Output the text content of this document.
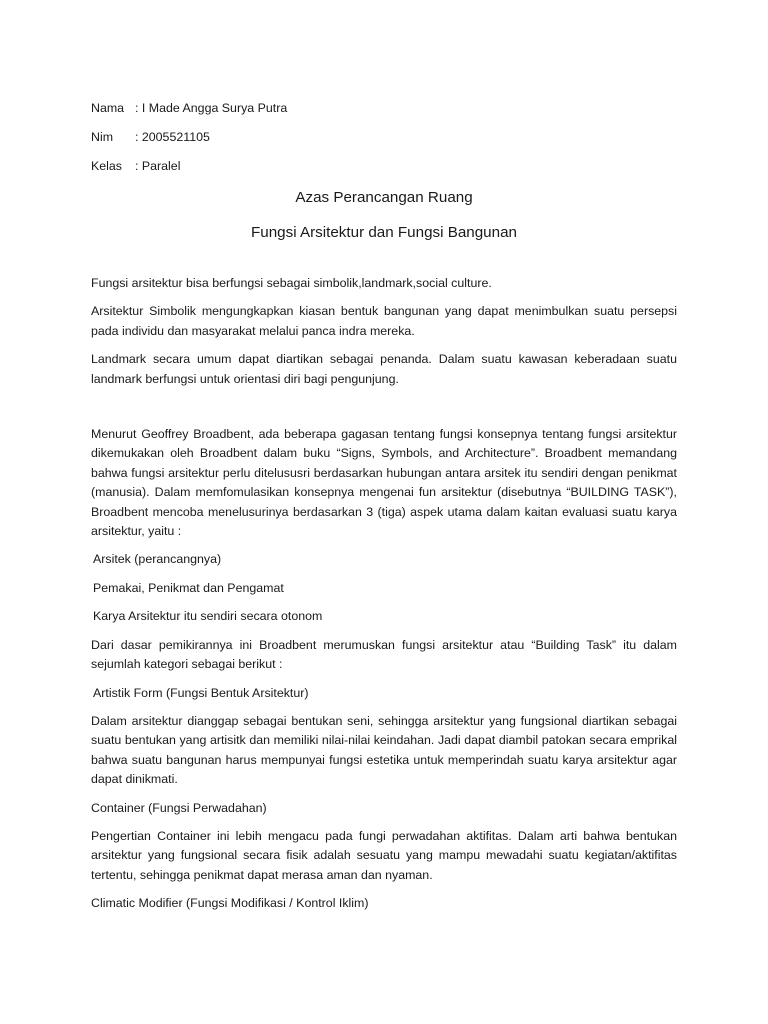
Nama : I Made Angga Surya Putra
Nim	: 2005521105
Kelas	: Paralel
Azas Perancangan Ruang
Fungsi Arsitektur dan Fungsi Bangunan

Fungsi arsitektur bisa berfungsi sebagai simbolik,landmark,social culture.

Arsitektur Simbolik mengungkapkan kiasan bentuk bangunan yang dapat menimbulkan suatu persepsi pada individu dan masyarakat melalui panca indra mereka.

Landmark secara umum dapat diartikan sebagai penanda. Dalam suatu kawasan keberadaan suatu landmark berfungsi untuk orientasi diri bagi pengunjung.

Menurut Geoffrey Broadbent, ada beberapa gagasan tentang fungsi konsepnya tentang fungsi arsitektur dikemukakan oleh Broadbent dalam buku “Signs, Symbols, and Architecture”. Broadbent memandang bahwa fungsi arsitektur perlu ditelususri berdasarkan hubungan antara arsitek itu sendiri dengan penikmat (manusia). Dalam memfomulasikan konsepnya mengenai fun arsitektur (disebutnya “BUILDING TASK”), Broadbent mencoba menelusurinya berdasarkan 3 (tiga) aspek utama dalam kaitan evaluasi suatu karya arsitektur, yaitu :

Arsitek (perancangnya)

Pemakai, Penikmat dan Pengamat

Karya Arsitektur itu sendiri secara otonom

Dari dasar pemikirannya ini Broadbent merumuskan fungsi arsitektur atau “Building Task” itu dalam sejumlah kategori sebagai berikut :

Artistik Form (Fungsi Bentuk Arsitektur)

Dalam arsitektur dianggap sebagai bentukan seni, sehingga arsitektur yang fungsional diartikan sebagai suatu bentukan yang artisitk dan memiliki nilai-nilai keindahan. Jadi dapat diambil patokan secara emprikal bahwa suatu bangunan harus mempunyai fungsi estetika untuk memperindah suatu karya arsitektur agar dapat dinikmati.

Container (Fungsi Perwadahan)

Pengertian Container ini lebih mengacu pada fungi perwadahan aktifitas. Dalam arti bahwa bentukan arsitektur yang fungsional secara fisik adalah sesuatu yang mampu mewadahi suatu kegiatan/aktifitas tertentu, sehingga penikmat dapat merasa aman dan nyaman.

Climatic Modifier (Fungsi Modifikasi / Kontrol Iklim)
